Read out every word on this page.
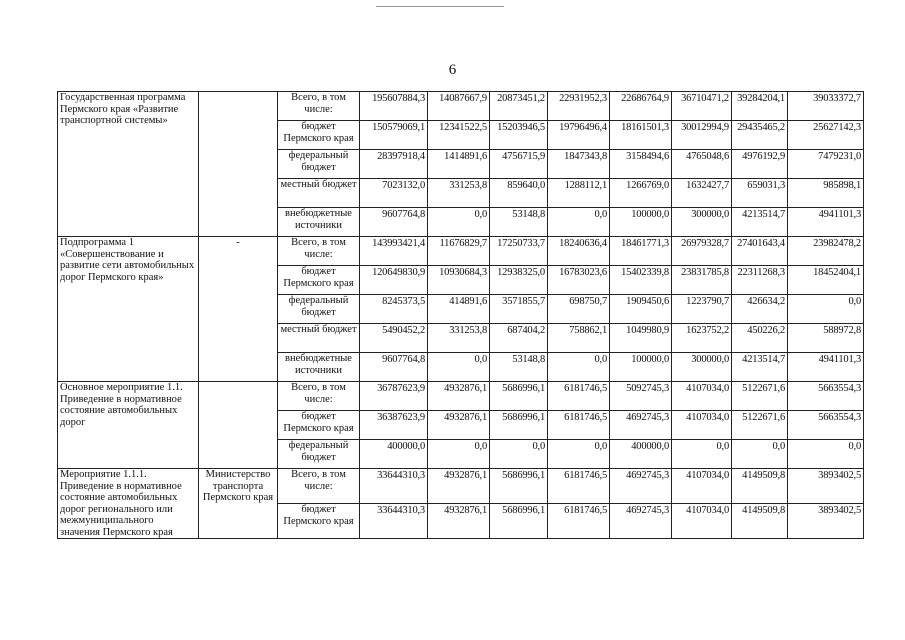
6
Государственная программа Пермского края «Развитие транспортной системы»		Всего, в том числе:	195607884,3	14087667,9	20873451,2	22931952,3	22686764,9	36710471,2	39284204,1	39033372,7
		бюджет Пермского края	150579069,1	12341522,5	15203946,5	19796496,4	18161501,3	30012994,9	29435465,2	25627142,3
		федеральный бюджет	28397918,4	1414891,6	4756715,9	1847343,8	3158494,6	4765048,6	4976192,9	7479231,0
		местный бюджет	7023132,0	331253,8	859640,0	1288112,1	1266769,0	1632427,7	659031,3	985898,1
		внебюджетные источники	9607764,8	0,0	53148,8	0,0	100000,0	300000,0	4213514,7	4941101,3
Подпрограмма 1 «Совершенствование и развитие сети автомобильных дорог Пермского края»	-	Всего, в том числе:	143993421,4	11676829,7	17250733,7	18240636,4	18461771,3	26979328,7	27401643,4	23982478,2
		бюджет Пермского края	120649830,9	10930684,3	12938325,0	16783023,6	15402339,8	23831785,8	22311268,3	18452404,1
		федеральный бюджет	8245373,5	414891,6	3571855,7	698750,7	1909450,6	1223790,7	426634,2	0,0
		местный бюджет	5490452,2	331253,8	687404,2	758862,1	1049980,9	1623752,2	450226,2	588972,8
		внебюджетные источники	9607764,8	0,0	53148,8	0,0	100000,0	300000,0	4213514,7	4941101,3
Основное мероприятие 1.1. Приведение в нормативное состояние автомобильных дорог		Всего, в том числе:	36787623,9	4932876,1	5686996,1	6181746,5	5092745,3	4107034,0	5122671,6	5663554,3
		бюджет Пермского края	36387623,9	4932876,1	5686996,1	6181746,5	4692745,3	4107034,0	5122671,6	5663554,3
		федеральный бюджет	400000,0	0,0	0,0	0,0	400000,0	0,0	0,0	0,0
Мероприятие 1.1.1. Приведение в нормативное состояние автомобильных дорог регионального или межмуниципального значения Пермского края	Министерство транспорта Пермского края	Всего, в том числе:	33644310,3	4932876,1	5686996,1	6181746,5	4692745,3	4107034,0	4149509,8	3893402,5
		бюджет Пермского края	33644310,3	4932876,1	5686996,1	6181746,5	4692745,3	4107034,0	4149509,8	3893402,5
